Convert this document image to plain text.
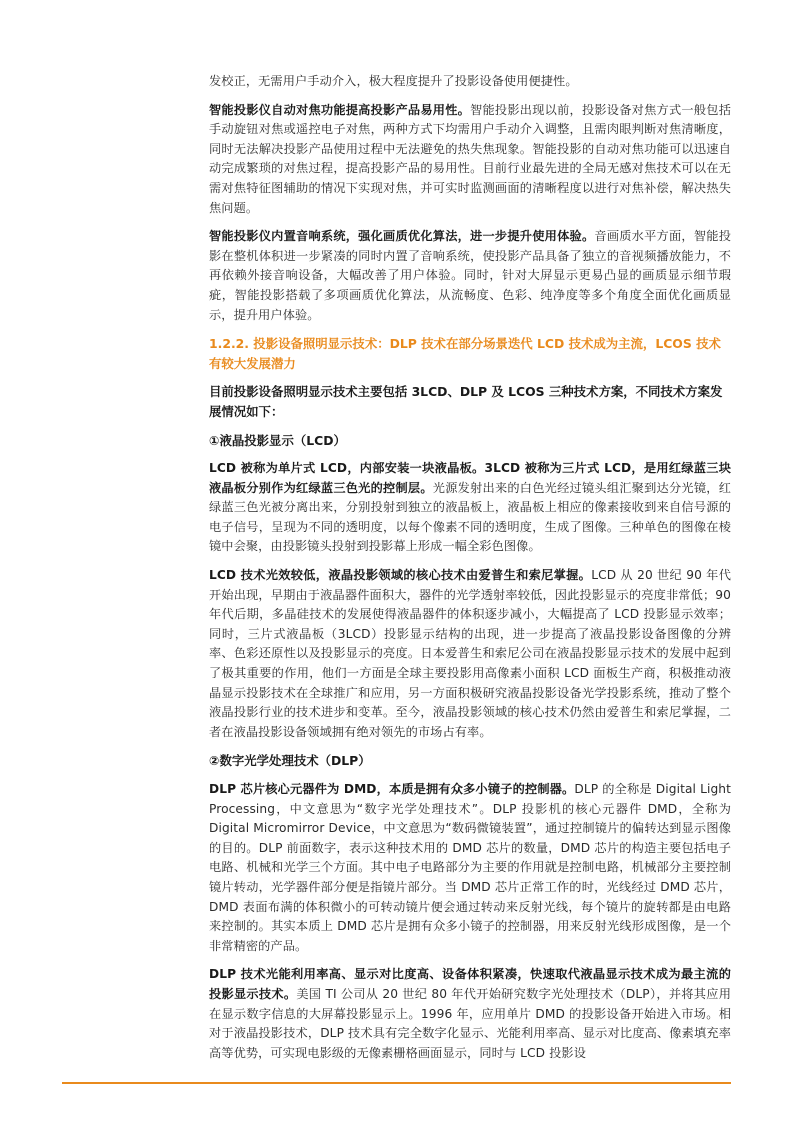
发校正，无需用户手动介入，极大程度提升了投影设备使用便捷性。

智能投影仪自动对焦功能提高投影产品易用性。智能投影出现以前，投影设备对焦方式一般包括手动旋钮对焦或遥控电子对焦，两种方式下均需用户手动介入调整，且需肉眼判断对焦清晰度，同时无法解决投影产品使用过程中无法避免的热失焦现象。智能投影的自动对焦功能可以迅速自动完成繁琐的对焦过程，提高投影产品的易用性。目前行业最先进的全局无感对焦技术可以在无需对焦特征图辅助的情况下实现对焦，并可实时监测画面的清晰程度以进行对焦补偿，解决热失焦问题。

智能投影仪内置音响系统，强化画质优化算法，进一步提升使用体验。音画质水平方面，智能投影在整机体积进一步紧凑的同时内置了音响系统，使投影产品具备了独立的音视频播放能力，不再依赖外接音响设备，大幅改善了用户体验。同时，针对大屏显示更易凸显的画质显示细节瑕疵，智能投影搭载了多项画质优化算法，从流畅度、色彩、纯净度等多个角度全面优化画质显示，提升用户体验。

1.2.2. 投影设备照明显示技术：DLP 技术在部分场景迭代 LCD 技术成为主流，LCOS 技术有较大发展潜力
目前投影设备照明显示技术主要包括 3LCD、DLP 及 LCOS 三种技术方案，不同技术方案发展情况如下：
①液晶投影显示（LCD）

LCD 被称为单片式 LCD，内部安装一块液晶板。3LCD 被称为三片式 LCD，是用红绿蓝三块液晶板分别作为红绿蓝三色光的控制层。光源发射出来的白色光经过镜头组汇聚到达分光镜，红绿蓝三色光被分离出来，分别投射到独立的液晶板上，液晶板上相应的像素接收到来自信号源的电子信号，呈现为不同的透明度，以每个像素不同的透明度，生成了图像。三种单色的图像在棱镜中会聚，由投影镜头投射到投影幕上形成一幅全彩色图像。

LCD 技术光效较低，液晶投影领域的核心技术由爱普生和索尼掌握。LCD 从 20 世纪 90 年代开始出现，早期由于液晶器件面积大，器件的光学透射率较低，因此投影显示的亮度非常低；90 年代后期，多晶硅技术的发展使得液晶器件的体积逐步减小，大幅提高了 LCD 投影显示效率；同时，三片式液晶板（3LCD）投影显示结构的出现，进一步提高了液晶投影设备图像的分辨率、色彩还原性以及投影显示的亮度。日本爱普生和索尼公司在液晶投影显示技术的发展中起到了极其重要的作用，他们一方面是全球主要投影用高像素小面积 LCD 面板生产商，积极推动液晶显示投影技术在全球推广和应用，另一方面积极研究液晶投影设备光学投影系统，推动了整个液晶投影行业的技术进步和变革。至今，液晶投影领域的核心技术仍然由爱普生和索尼掌握，二者在液晶投影设备领域拥有绝对领先的市场占有率。

②数字光学处理技术（DLP）

DLP 芯片核心元器件为 DMD，本质是拥有众多小镜子的控制器。DLP 的全称是 Digital Light Processing，中文意思为“数字光学处理技术”。DLP 投影机的核心元器件 DMD，全称为 Digital Micromirror Device，中文意思为“数码微镜装置”，通过控制镜片的偏转达到显示图像的目的。DLP 前面数字，表示这种技术用的 DMD 芯片的数量，DMD 芯片的构造主要包括电子电路、机械和光学三个方面。其中电子电路部分为主要的作用就是控制电路，机械部分主要控制镜片转动，光学器件部分便是指镜片部分。当 DMD 芯片正常工作的时，光线经过 DMD 芯片，DMD 表面布满的体积微小的可转动镜片便会通过转动来反射光线，每个镜片的旋转都是由电路来控制的。其实本质上 DMD 芯片是拥有众多小镜子的控制器，用来反射光线形成图像，是一个非常精密的产品。

DLP 技术光能利用率高、显示对比度高、设备体积紧凑，快速取代液晶显示技术成为最主流的投影显示技术。美国 TI 公司从 20 世纪 80 年代开始研究数字光处理技术（DLP），并将其应用在显示数字信息的大屏幕投影显示上。1996 年，应用单片 DMD 的投影设备开始进入市场。相对于液晶投影技术，DLP 技术具有完全数字化显示、光能利用率高、显示对比度高、像素填充率高等优势，可实现电影级的无像素栅格画面显示，同时与 LCD 投影设
